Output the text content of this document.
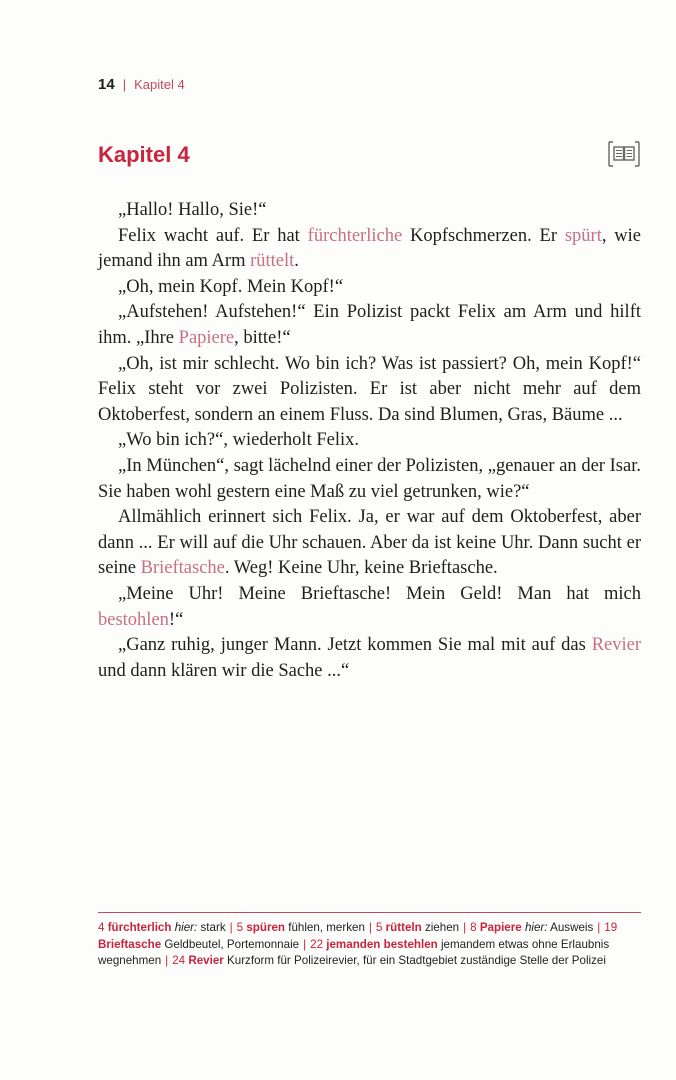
14 | Kapitel 4
Kapitel 4

„Hallo! Hallo, Sie!“

Felix wacht auf. Er hat fürchterliche Kopfschmerzen. Er spürt, wie jemand ihn am Arm rüttelt.

„Oh, mein Kopf. Mein Kopf!“

„Aufstehen! Aufstehen!“ Ein Polizist packt Felix am Arm und hilft ihm. „Ihre Papiere, bitte!“

„Oh, ist mir schlecht. Wo bin ich? Was ist passiert? Oh, mein Kopf!“ Felix steht vor zwei Polizisten. Er ist aber nicht mehr auf dem Oktoberfest, sondern an einem Fluss. Da sind Blumen, Gras, Bäume ...

„Wo bin ich?“, wiederholt Felix.

„In München“, sagt lächelnd einer der Polizisten, „genauer an der Isar. Sie haben wohl gestern eine Maß zu viel getrunken, wie?“

Allmählich erinnert sich Felix. Ja, er war auf dem Oktoberfest, aber dann ... Er will auf die Uhr schauen. Aber da ist keine Uhr. Dann sucht er seine Brieftasche. Weg! Keine Uhr, keine Brieftasche.

„Meine Uhr! Meine Brieftasche! Mein Geld! Man hat mich bestohlen!“

„Ganz ruhig, junger Mann. Jetzt kommen Sie mal mit auf das Revier und dann klären wir die Sache ...“

4 fürchterlich hier: stark | 5 spüren fühlen, merken | 5 rütteln ziehen | 8 Papiere hier: Ausweis | 19 Brieftasche Geldbeutel, Portemonnaie | 22 jemanden bestehlen jemandem etwas ohne Erlaubnis wegnehmen | 24 Revier Kurzform für Polizeirevier, für ein Stadtgebiet zuständige Stelle der Polizei
